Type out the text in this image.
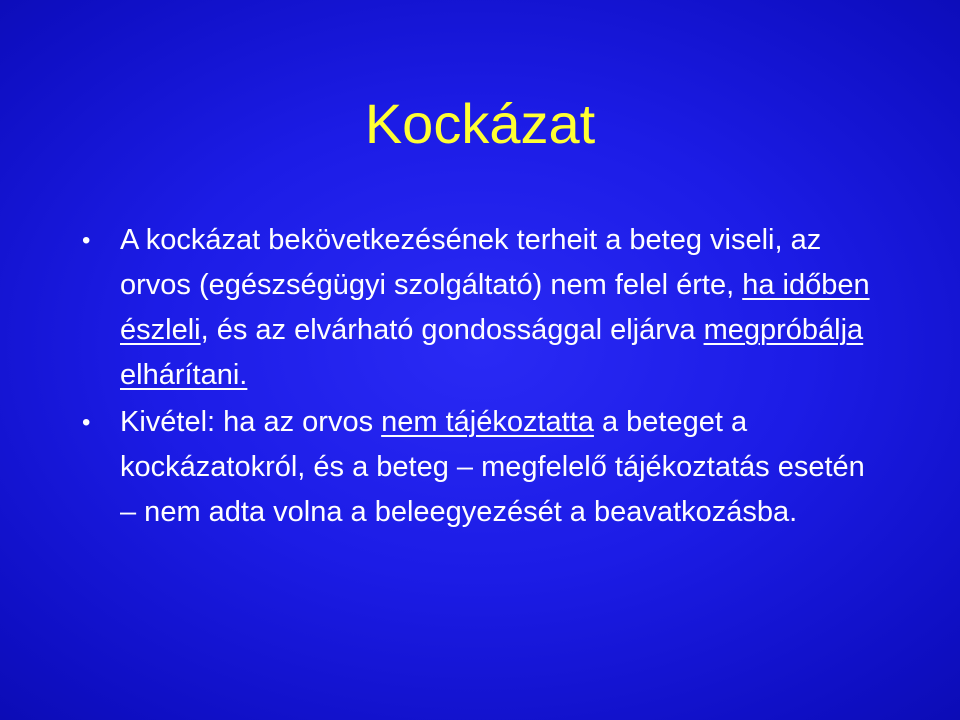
Kockázat
• A kockázat bekövetkezésének terheit a beteg viseli, az orvos (egészségügyi szolgáltató) nem felel érte, ha időben észleli, és az elvárható gondossággal eljárva megpróbálja elhárítani.
• Kivétel: ha az orvos nem tájékoztatta a beteget a kockázatokról, és a beteg – megfelelő tájékoztatás esetén – nem adta volna a beleegyezését a beavatkozásba.
